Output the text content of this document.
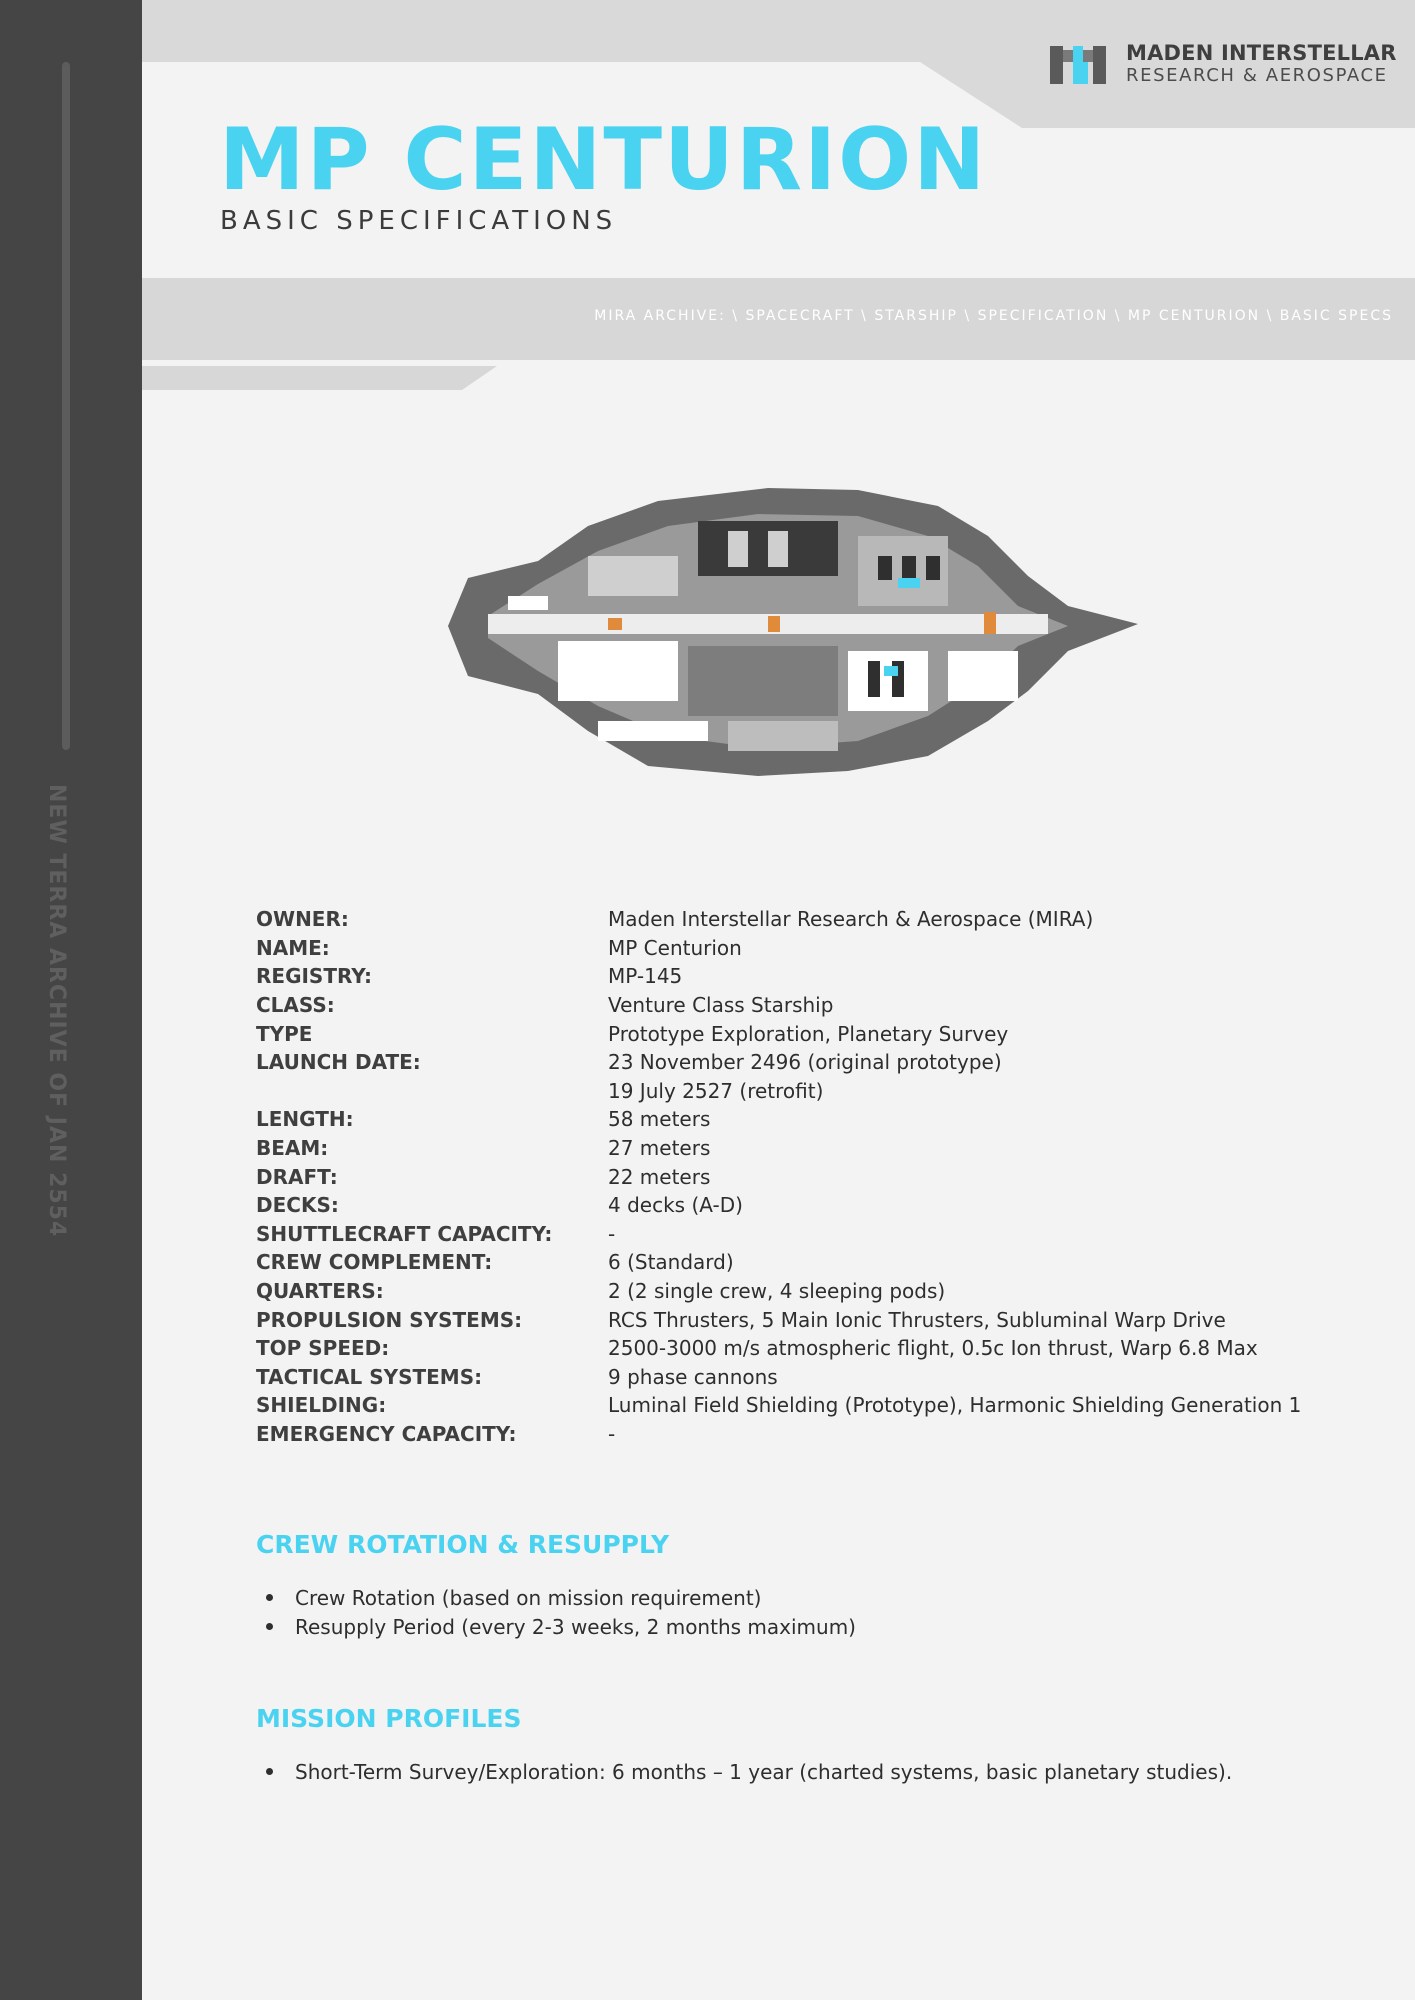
NEW TERRA ARCHIVE OF JAN 2554
MADEN INTERSTELLAR
RESEARCH & AEROSPACE
MP CENTURION
BASIC SPECIFICATIONS
MIRA ARCHIVE: \ SPACECRAFT \ STARSHIP \ SPECIFICATION \ MP CENTURION \ BASIC SPECS
OWNER:	Maden Interstellar Research & Aerospace (MIRA)
NAME:	MP Centurion
REGISTRY:	MP-145
CLASS:	Venture Class Starship
TYPE	Prototype Exploration, Planetary Survey
LAUNCH DATE:	23 November 2496 (original prototype)
19 July 2527 (retrofit)
LENGTH:	58 meters
BEAM:	27 meters
DRAFT:	22 meters
DECKS:	4 decks (A-D)
SHUTTLECRAFT CAPACITY:	-
CREW COMPLEMENT:	6 (Standard)
QUARTERS:	2 (2 single crew, 4 sleeping pods)
PROPULSION SYSTEMS:	RCS Thrusters, 5 Main Ionic Thrusters, Subluminal Warp Drive
TOP SPEED:	2500-3000 m/s atmospheric flight, 0.5c Ion thrust, Warp 6.8 Max
TACTICAL SYSTEMS:	9 phase cannons
SHIELDING:	Luminal Field Shielding (Prototype), Harmonic Shielding Generation 1
EMERGENCY CAPACITY:	-
CREW ROTATION & RESUPPLY
Crew Rotation (based on mission requirement)
Resupply Period (every 2-3 weeks, 2 months maximum)
MISSION PROFILES
Short-Term Survey/Exploration: 6 months – 1 year (charted systems, basic planetary studies).
